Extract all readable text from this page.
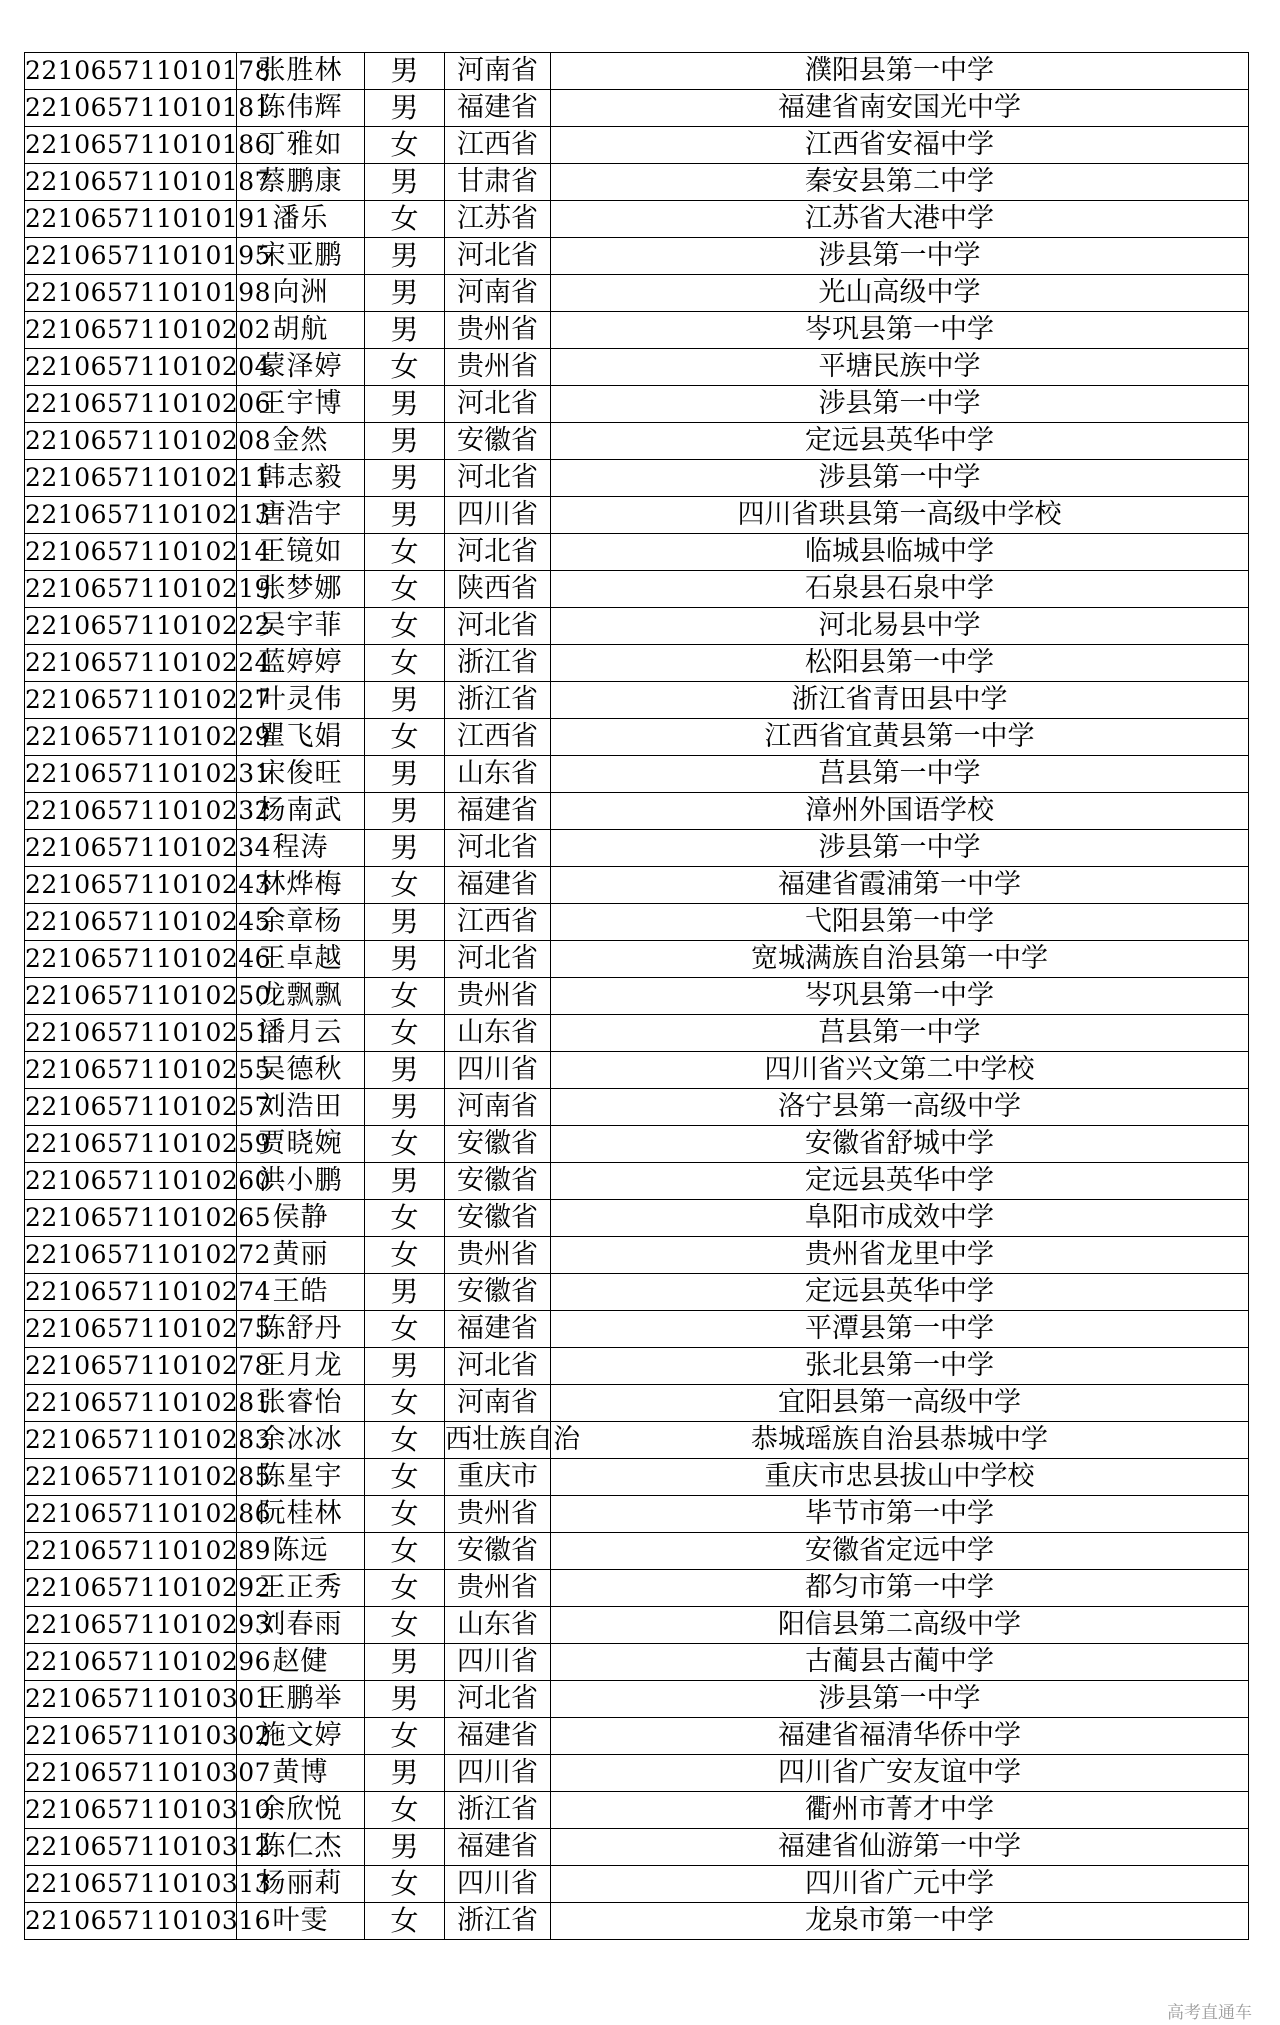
221065711010178	张胜林	男	河南省	濮阳县第一中学
221065711010181	陈伟辉	男	福建省	福建省南安国光中学
221065711010186	丁雅如	女	江西省	江西省安福中学
221065711010187	蔡鹏康	男	甘肃省	秦安县第二中学
221065711010191	潘乐	女	江苏省	江苏省大港中学
221065711010195	宋亚鹏	男	河北省	涉县第一中学
221065711010198	向洲	男	河南省	光山高级中学
221065711010202	胡航	男	贵州省	岑巩县第一中学
221065711010204	蒙泽婷	女	贵州省	平塘民族中学
221065711010206	王宇博	男	河北省	涉县第一中学
221065711010208	金然	男	安徽省	定远县英华中学
221065711010211	韩志毅	男	河北省	涉县第一中学
221065711010213	唐浩宇	男	四川省	四川省珙县第一高级中学校
221065711010214	王镜如	女	河北省	临城县临城中学
221065711010219	张梦娜	女	陕西省	石泉县石泉中学
221065711010222	吴宇菲	女	河北省	河北易县中学
221065711010224	蓝婷婷	女	浙江省	松阳县第一中学
221065711010227	叶灵伟	男	浙江省	浙江省青田县中学
221065711010229	瞿飞娟	女	江西省	江西省宜黄县第一中学
221065711010231	宋俊旺	男	山东省	莒县第一中学
221065711010232	杨南武	男	福建省	漳州外国语学校
221065711010234	程涛	男	河北省	涉县第一中学
221065711010243	林烨梅	女	福建省	福建省霞浦第一中学
221065711010245	余章杨	男	江西省	弋阳县第一中学
221065711010246	王卓越	男	河北省	宽城满族自治县第一中学
221065711010250	龙飘飘	女	贵州省	岑巩县第一中学
221065711010251	潘月云	女	山东省	莒县第一中学
221065711010255	吴德秋	男	四川省	四川省兴文第二中学校
221065711010257	刘浩田	男	河南省	洛宁县第一高级中学
221065711010259	贾晓婉	女	安徽省	安徽省舒城中学
221065711010260	洪小鹏	男	安徽省	定远县英华中学
221065711010265	侯静	女	安徽省	阜阳市成效中学
221065711010272	黄丽	女	贵州省	贵州省龙里中学
221065711010274	王皓	男	安徽省	定远县英华中学
221065711010275	陈舒丹	女	福建省	平潭县第一中学
221065711010278	王月龙	男	河北省	张北县第一中学
221065711010281	张睿怡	女	河南省	宜阳县第一高级中学
221065711010283	余冰冰	女	西壮族自治	恭城瑶族自治县恭城中学
221065711010285	陈星宇	女	重庆市	重庆市忠县拔山中学校
221065711010286	阮桂林	女	贵州省	毕节市第一中学
221065711010289	陈远	女	安徽省	安徽省定远中学
221065711010292	王正秀	女	贵州省	都匀市第一中学
221065711010293	刘春雨	女	山东省	阳信县第二高级中学
221065711010296	赵健	男	四川省	古蔺县古蔺中学
221065711010301	王鹏举	男	河北省	涉县第一中学
221065711010302	施文婷	女	福建省	福建省福清华侨中学
221065711010307	黄博	男	四川省	四川省广安友谊中学
221065711010310	余欣悦	女	浙江省	衢州市菁才中学
221065711010312	陈仁杰	男	福建省	福建省仙游第一中学
221065711010313	杨丽莉	女	四川省	四川省广元中学
221065711010316	叶雯	女	浙江省	龙泉市第一中学
高考直通车
